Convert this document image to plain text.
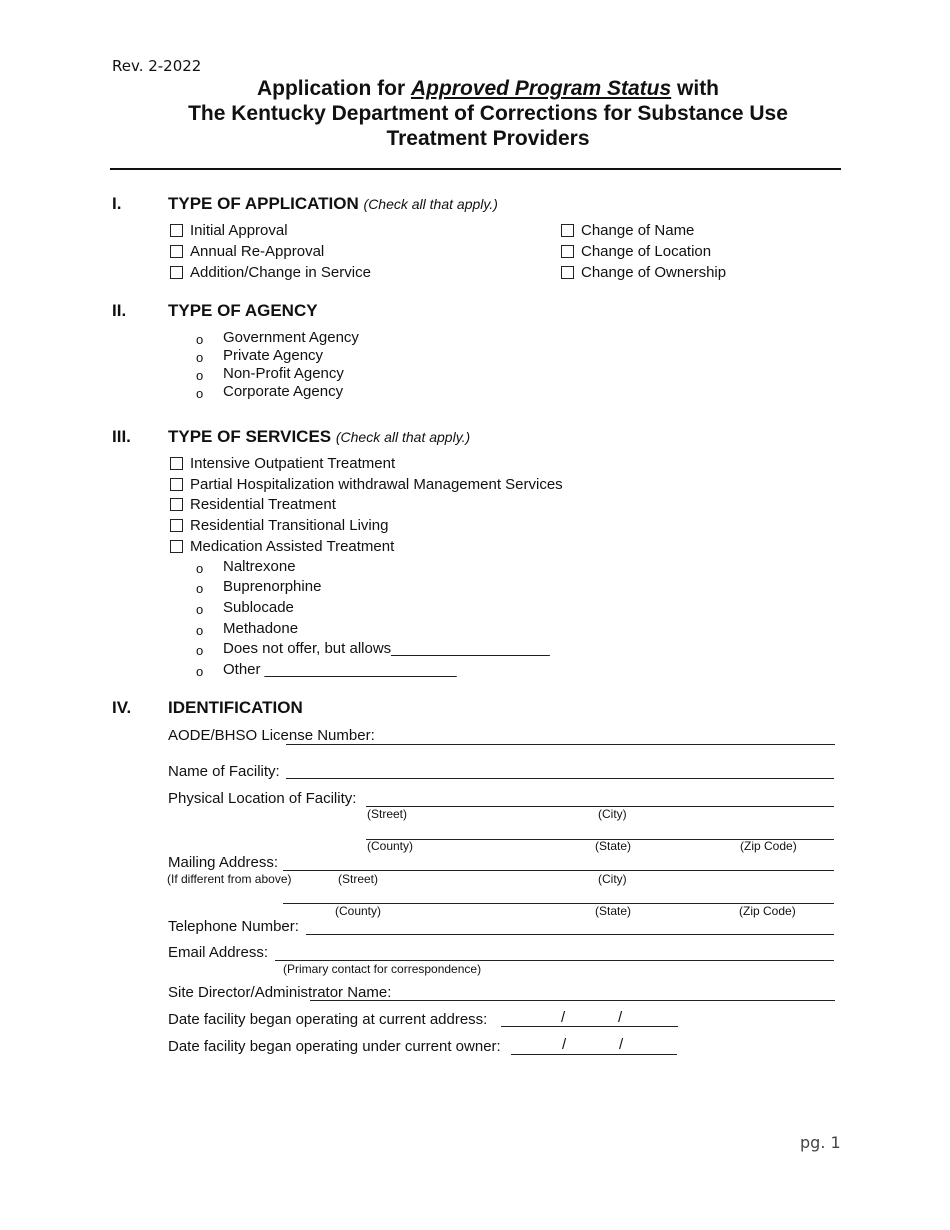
Rev. 2-2022
Application for Approved Program Status with
The Kentucky Department of Corrections for Substance Use
Treatment Providers
I.	TYPE OF APPLICATION (Check all that apply.)
Initial Approval
Annual Re-Approval
Addition/Change in Service
Change of Name
Change of Location
Change of Ownership
II. TYPE OF AGENCY
o Government Agency
o Private Agency
o Non-Profit Agency
o Corporate Agency
III. TYPE OF SERVICES (Check all that apply.)
Intensive Outpatient Treatment
Partial Hospitalization withdrawal Management Services
Residential Treatment
Residential Transitional Living
Medication Assisted Treatment
o Naltrexone
o Buprenorphine
o Sublocade
o Methadone
o Does not offer, but allows___________________
o Other _______________________
IV. IDENTIFICATION
AODE/BHSO License Number:
Name of Facility:
Physical Location of Facility:
(Street)	(City)
(County)	(State)	(Zip Code)
Mailing Address:
(If different from above)	(Street)	(City)
(County)	(State)	(Zip Code)
Telephone Number:
Email Address:
(Primary contact for correspondence)
Site Director/Administrator Name:
Date facility began operating at current address:	/	/
Date facility began operating under current owner:	/	/
pg. 1
